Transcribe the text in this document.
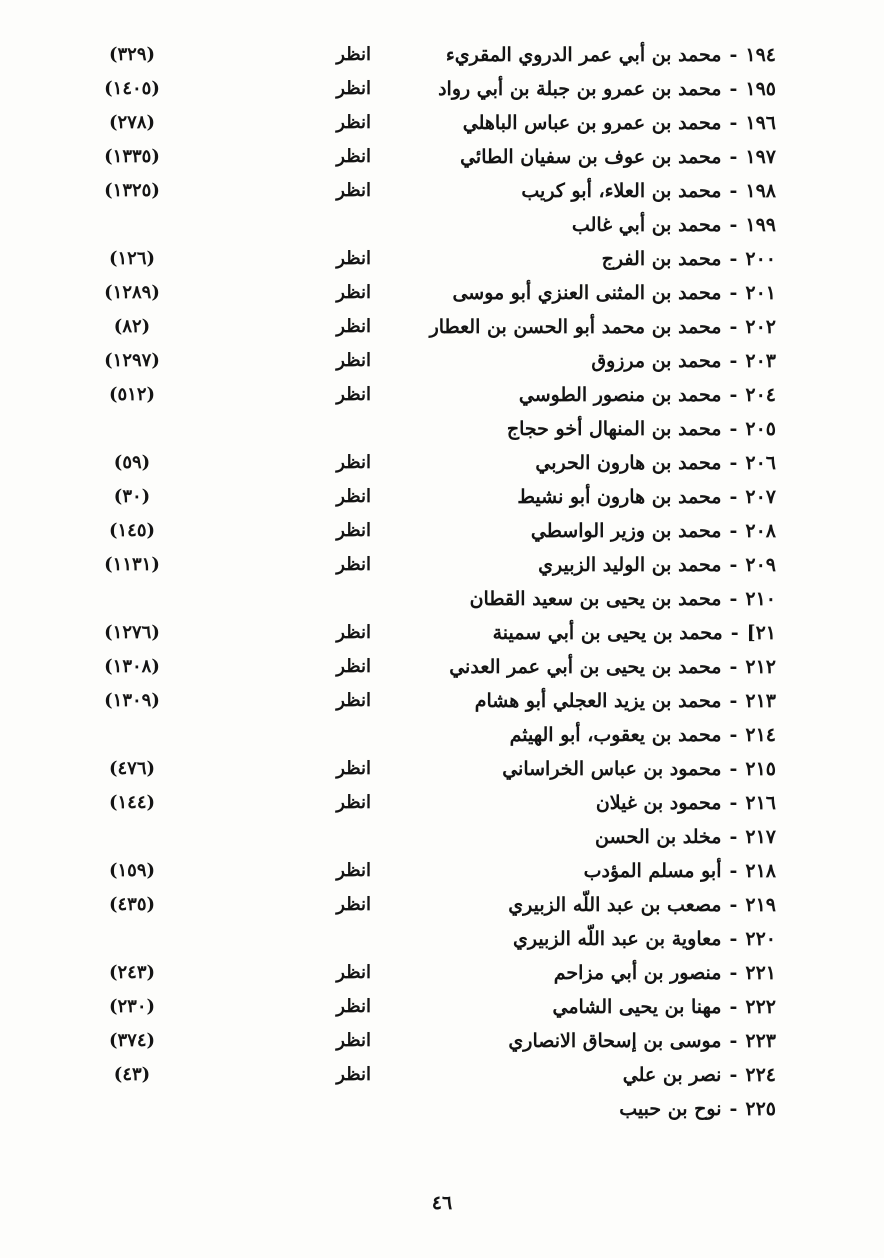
١٩٤-محمد بن أبي عمر الدروي المقريء
انظر
(٣٢٩)
١٩٥-محمد بن عمرو بن جبلة بن أبي رواد
انظر
(١٤٠٥)
١٩٦-محمد بن عمرو بن عباس الباهلي
انظر
(٢٧٨)
١٩٧-محمد بن عوف بن سفيان الطائي
انظر
(١٣٣٥)
١٩٨-محمد بن العلاء، أبو كريب
انظر
(١٣٢٥)
١٩٩-محمد بن أبي غالب
٢٠٠-محمد بن الفرج
انظر
(١٢٦)
٢٠١-محمد بن المثنى العنزي أبو موسى
انظر
(١٢٨٩)
٢٠٢-محمد بن محمد أبو الحسن بن العطار
انظر
(٨٢)
٢٠٣-محمد بن مرزوق
انظر
(١٢٩٧)
٢٠٤-محمد بن منصور الطوسي
انظر
(٥١٢)
٢٠٥-محمد بن المنهال أخو حجاج
٢٠٦-محمد بن هارون الحربي
انظر
(٥٩)
٢٠٧-محمد بن هارون أبو نشيط
انظر
(٣٠)
٢٠٨-محمد بن وزير الواسطي
انظر
(١٤٥)
٢٠٩-محمد بن الوليد الزبيري
انظر
(١١٣١)
٢١٠-محمد بن يحيى بن سعيد القطان
٢١]-محمد بن يحيى بن أبي سمينة
انظر
(١٢٧٦)
٢١٢-محمد بن يحيى بن أبي عمر العدني
انظر
(١٣٠٨)
٢١٣-محمد بن يزيد العجلي أبو هشام
انظر
(١٣٠٩)
٢١٤-محمد بن يعقوب، أبو الهيثم
٢١٥-محمود بن عباس الخراساني
انظر
(٤٧٦)
٢١٦-محمود بن غيلان
انظر
(١٤٤)
٢١٧-مخلد بن الحسن
٢١٨-أبو مسلم المؤدب
انظر
(١٥٩)
٢١٩-مصعب بن عبد اللّه الزبيري
انظر
(٤٣٥)
٢٢٠-معاوية بن عبد اللّه الزبيري
٢٢١-منصور بن أبي مزاحم
انظر
(٢٤٣)
٢٢٢-مهنا بن يحيى الشامي
انظر
(٢٣٠)
٢٢٣-موسى بن إسحاق الانصاري
انظر
(٣٧٤)
٢٢٤-نصر بن علي
انظر
(٤٣)
٢٢٥-نوح بن حبيب
٤٦
